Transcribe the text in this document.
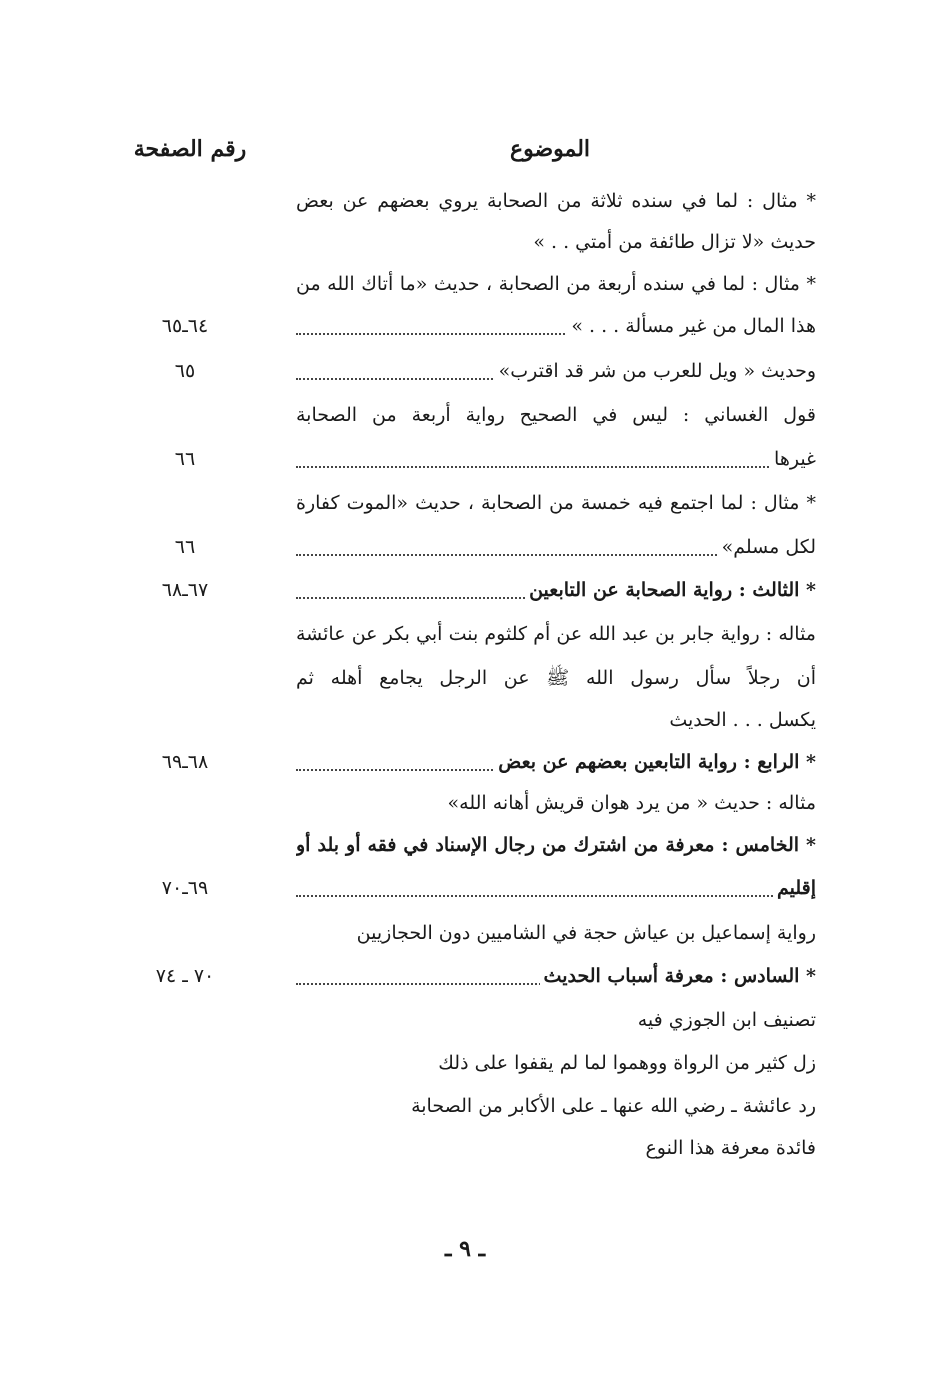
الموضوع
رقم الصفحة
* مثال : لما في سنده ثلاثة من الصحابة يروي بعضهم عن بعض
حديث «لا تزال طائفة من أمتي . . »
* مثال : لما في سنده أربعة من الصحابة ، حديث «ما أتاك الله من
هذا المال من غير مسألة . . . »
٦٤ـ٦٥
وحديث « ويل للعرب من شر قد اقترب»
٦٥
قول الغساني : ليس في الصحيح رواية أربعة من الصحابة
غيرها
٦٦
* مثال : لما اجتمع فيه خمسة من الصحابة ، حديث «الموت كفارة
لكل مسلم»
٦٦
* الثالث : رواية الصحابة عن التابعين
٦٧ـ٦٨
مثاله : رواية جابر بن عبد الله عن أم كلثوم بنت أبي بكر عن عائشة
أن رجلاً سأل رسول الله ﷺ عن الرجل يجامع أهله ثم
يكسل . . . الحديث
* الرابع : رواية التابعين بعضهم عن بعض
٦٨ـ٦٩
مثاله : حديث « من يرد هوان قريش أهانه الله»
* الخامس : معرفة من اشترك من رجال الإسناد في فقه أو بلد أو
إقليم
٦٩ـ٧٠
رواية إسماعيل بن عياش حجة في الشاميين دون الحجازيين
* السادس : معرفة أسباب الحديث
٧٠ ـ ٧٤
تصنيف ابن الجوزي فيه
زل كثير من الرواة ووهموا لما لم يقفوا على ذلك
رد عائشة ـ رضي الله عنها ـ على الأكابر من الصحابة
فائدة معرفة هذا النوع
ـ ٩ ـ
